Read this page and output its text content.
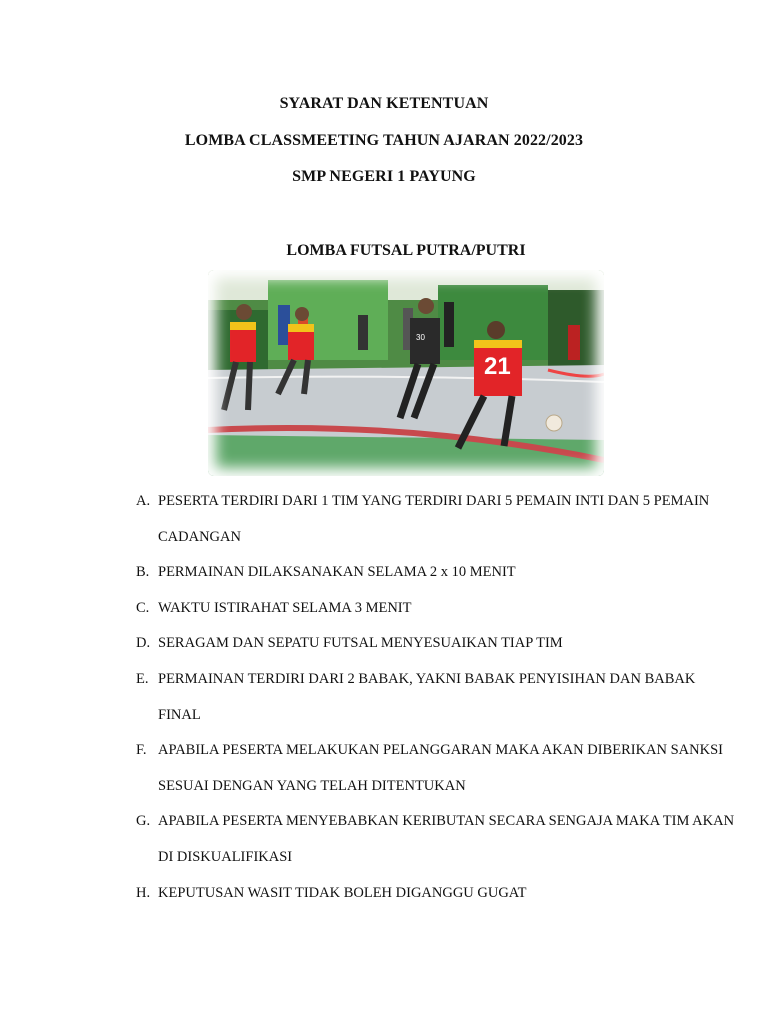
SYARAT DAN KETENTUAN
LOMBA CLASSMEETING TAHUN AJARAN 2022/2023
SMP NEGERI 1 PAYUNG
LOMBA FUTSAL PUTRA/PUTRI
30
21
A. PESERTA TERDIRI DARI 1 TIM YANG TERDIRI DARI 5 PEMAIN INTI DAN 5 PEMAIN CADANGAN
B. PERMAINAN DILAKSANAKAN SELAMA 2 x 10 MENIT
C. WAKTU ISTIRAHAT SELAMA 3 MENIT
D. SERAGAM DAN SEPATU FUTSAL MENYESUAIKAN TIAP TIM
E. PERMAINAN TERDIRI DARI 2 BABAK, YAKNI BABAK PENYISIHAN DAN BABAK FINAL
F. APABILA PESERTA MELAKUKAN PELANGGARAN MAKA AKAN DIBERIKAN SANKSI SESUAI DENGAN YANG TELAH DITENTUKAN
G. APABILA PESERTA MENYEBABKAN KERIBUTAN SECARA SENGAJA MAKA TIM AKAN DI DISKUALIFIKASI
H. KEPUTUSAN WASIT TIDAK BOLEH DIGANGGU GUGAT
